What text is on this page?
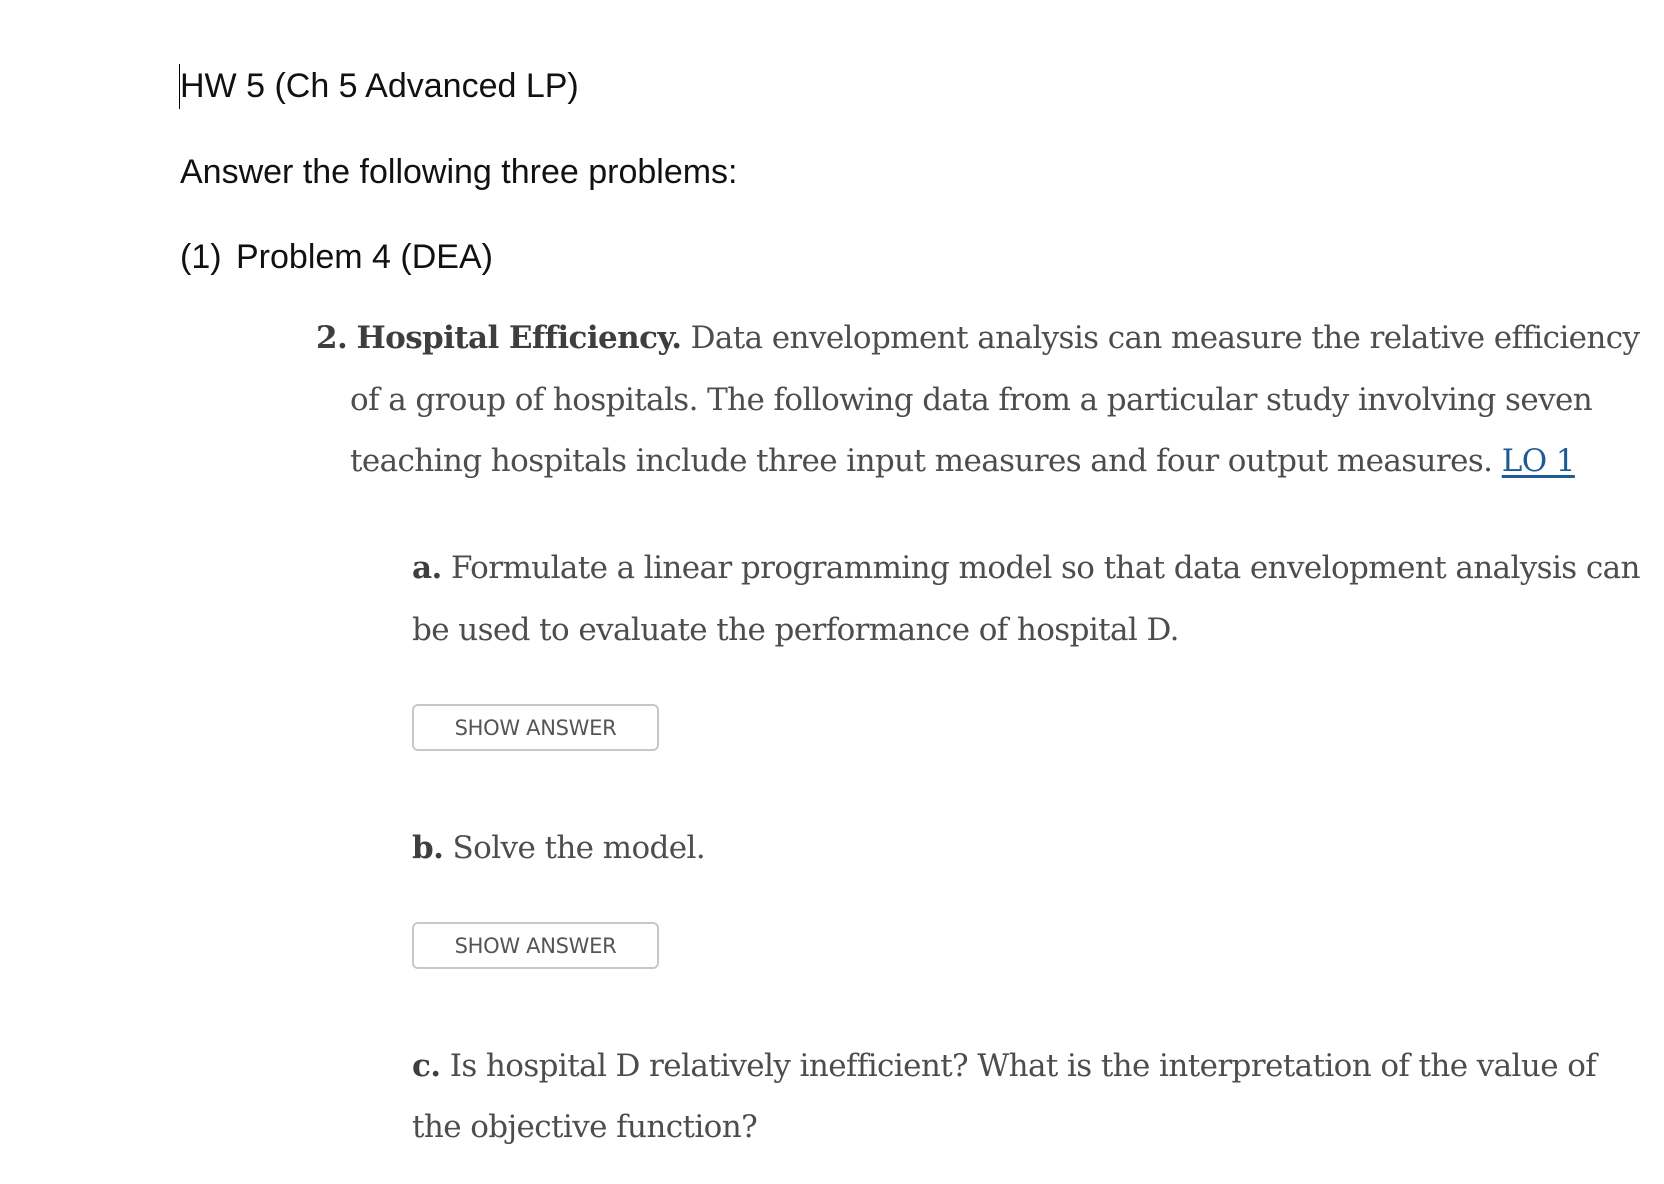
HW 5 (Ch 5 Advanced LP)

Answer the following three problems:

(1) Problem 4 (DEA)

2. Hospital Efficiency. Data envelopment analysis can measure the relative efficiency

of a group of hospitals. The following data from a particular study involving seven

teaching hospitals include three input measures and four output measures. LO 1

a. Formulate a linear programming model so that data envelopment analysis can

be used to evaluate the performance of hospital D.

SHOW ANSWER

b. Solve the model.

SHOW ANSWER

c. Is hospital D relatively inefficient? What is the interpretation of the value of

the objective function?
